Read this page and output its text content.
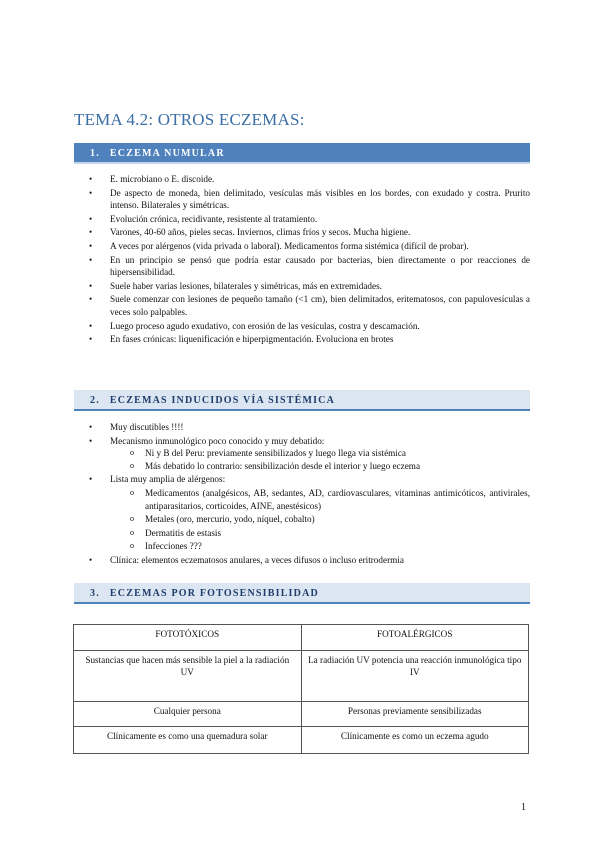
TEMA 4.2: OTROS ECZEMAS:
1. ECZEMA NUMULAR
• E. microbiano o E. discoide.
• De aspecto de moneda, bien delimitado, vesículas más visibles en los bordes, con exudado y costra. Prurito intenso. Bilaterales y simétricas.
• Evolución crónica, recidivante, resistente al tratamiento.
• Varones, 40-60 años, pieles secas. Inviernos, climas fríos y secos. Mucha higiene.
• A veces por alérgenos (vida privada o laboral). Medicamentos forma sistémica (difícil de probar).
• En un principio se pensó que podría estar causado por bacterias, bien directamente o por reacciones de hipersensibilidad.
• Suele haber varias lesiones, bilaterales y simétricas, más en extremidades.
• Suele comenzar con lesiones de pequeño tamaño (<1 cm), bien delimitados, eritematosos, con papulovesículas a veces solo palpables.
• Luego proceso agudo exudativo, con erosión de las vesículas, costra y descamación.
• En fases crónicas: liquenificación e hiperpigmentación. Evoluciona en brotes
2. ECZEMAS INDUCIDOS VÍA SISTÉMICA
• Muy discutibles !!!!
• Mecanismo inmunológico poco conocido y muy debatido:
o Ni y B del Peru: previamente sensibilizados y luego llega via sistémica
o Más debatido lo contrario: sensibilización desde el interior y luego eczema
• Lista muy amplia de alérgenos:
o Medicamentos (analgésicos, AB, sedantes, AD, cardiovasculares, vitaminas antimicóticos, antivirales, antiparasitarios, corticoides, AINE, anestésicos)
o Metales (oro, mercurio, yodo, níquel, cobalto)
o Dermatitis de estasis
o Infecciones ???
• Clínica: elementos eczematosos anulares, a veces difusos o incluso eritrodermia
3. ECZEMAS POR FOTOSENSIBILIDAD
FOTOTÓXICOS	FOTOALÉRGICOS
Sustancias que hacen más sensible la piel a la radiación UV	La radiación UV potencia una reacción inmunológica tipo IV
Cualquier persona	Personas previamente sensibilizadas
Clínicamente es como una quemadura solar	Clínicamente es como un eczema agudo
1
